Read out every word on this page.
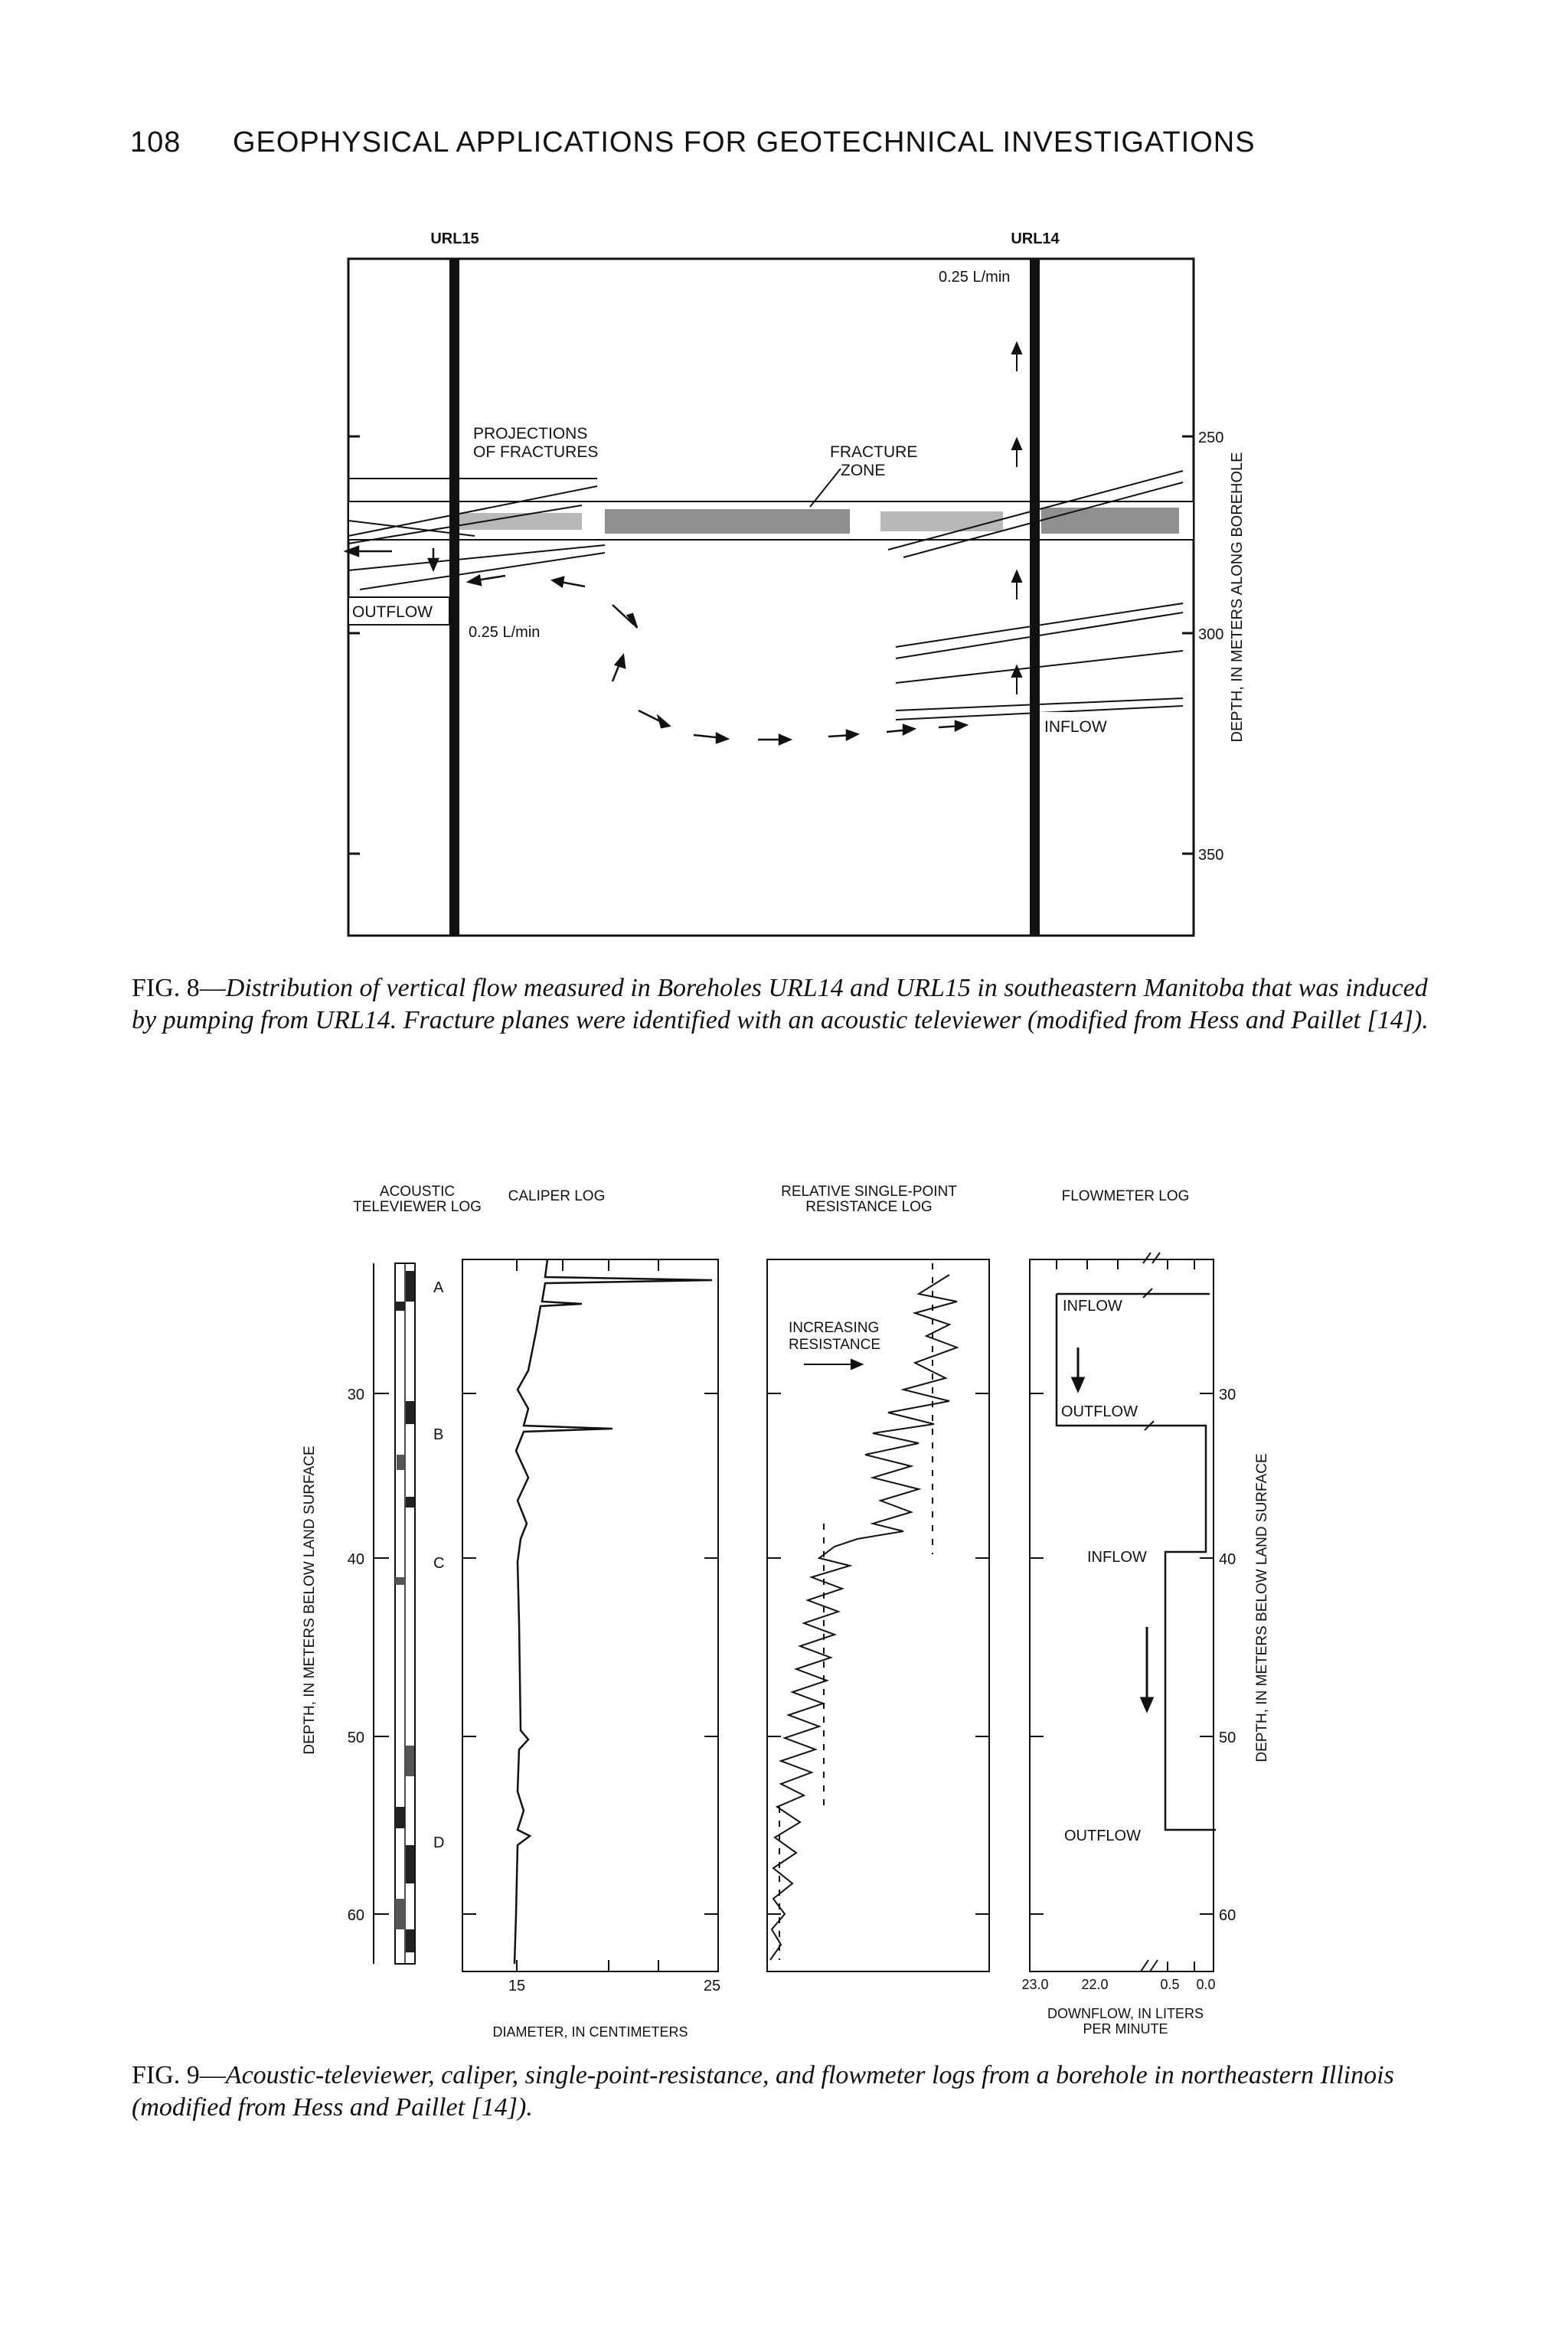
108 GEOPHYSICAL APPLICATIONS FOR GEOTECHNICAL INVESTIGATIONS
URL15	URL14
0.25 L/min
PROJECTIONS
OF FRACTURES	FRACTURE
ZONE
OUTFLOW
0.25 L/min
INFLOW
250
300
350
DEPTH, IN METERS ALONG BOREHOLE
FIG. 8—Distribution of vertical flow measured in Boreholes URL14 and URL15 in southeastern Manitoba that was induced by pumping from URL14. Fracture planes were identified with an acoustic televiewer (modified from Hess and Paillet [14]).
ACOUSTIC
TELEVIEWER LOG
CALIPER LOG	RELATIVE SINGLE-POINT
RESISTANCE LOG
FLOWMETER LOG
30
40
50
60
DEPTH, IN METERS BELOW LAND SURFACE
A
B
C
D
15	25
DIAMETER, IN CENTIMETERS
INCREASING
RESISTANCE
INFLOW
OUTFLOW
INFLOW
OUTFLOW
23.0 22.0	0.5 0.0
DOWNFLOW, IN LITERS
PER MINUTE
30
40
50
60
DEPTH, IN METERS BELOW LAND SURFACE
FIG. 9—Acoustic-televiewer, caliper, single-point-resistance, and flowmeter logs from a borehole in northeastern Illinois (modified from Hess and Paillet [14]).
